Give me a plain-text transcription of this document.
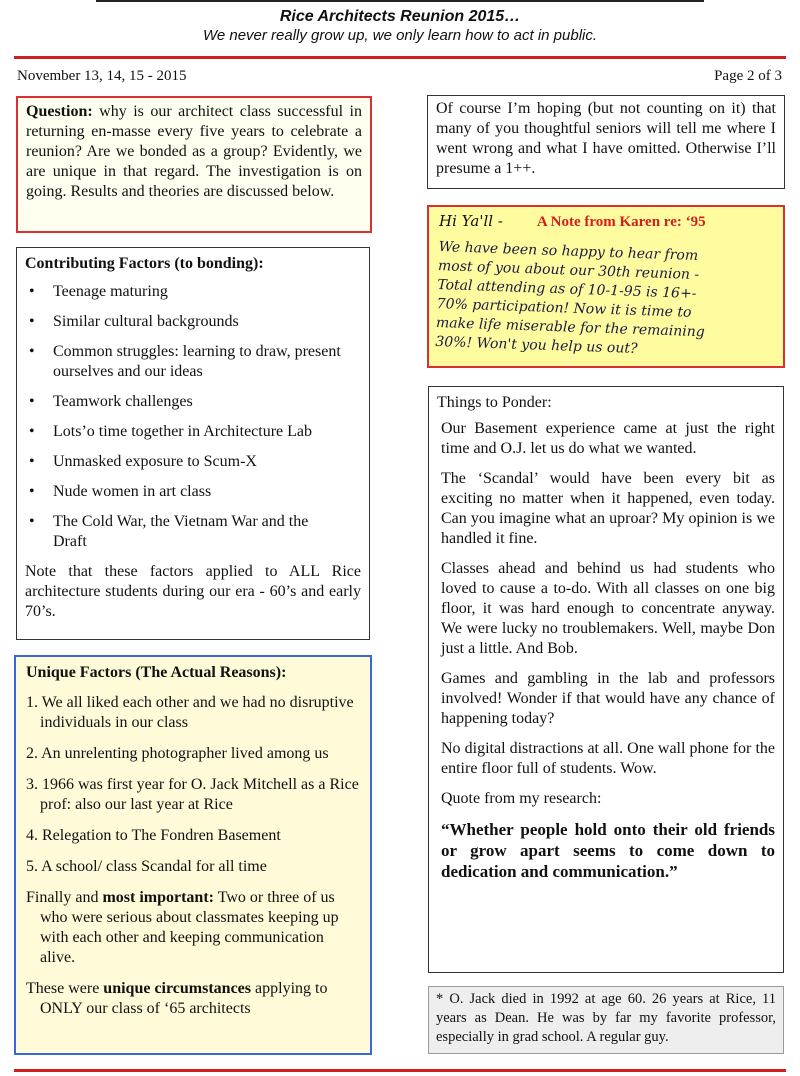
Rice Architects Reunion 2015…
We never really grow up, we only learn how to act in public.
November 13, 14, 15 - 2015	Page 2 of 3
Question: why is our architect class successful in returning en-masse every five years to celebrate a reunion? Are we bonded as a group? Evidently, we are unique in that regard. The investigation is on going. Results and theories are discussed below.
Contributing Factors (to bonding):
• Teenage maturing
• Similar cultural backgrounds
• Common struggles: learning to draw, present ourselves and our ideas
• Teamwork challenges
• Lots’o time together in Architecture Lab
• Unmasked exposure to Scum-X
• Nude women in art class
• The Cold War, the Vietnam War and the Draft
Note that these factors applied to ALL Rice architecture students during our era - 60’s and early 70’s.
Unique Factors (The Actual Reasons):

1. We all liked each other and we had no disruptive individuals in our class

2. An unrelenting photographer lived among us

3. 1966 was first year for O. Jack Mitchell as a Rice prof: also our last year at Rice

4. Relegation to The Fondren Basement

5. A school/ class Scandal for all time

Finally and most important: Two or three of us who were serious about classmates keeping up with each other and keeping communication alive.

These were unique circumstances applying to ONLY our class of ‘65 architects

Of course I’m hoping (but not counting on it) that many of you thoughtful seniors will tell me where I went wrong and what I have omitted. Otherwise I’ll presume a 1++.
Hi Ya'll - A Note from Karen re: ‘95
We have been so happy to hear from
most of you about our 30th reunion -
Total attending as of 10-1-95 is 16+-
70% participation! Now it is time to
make life miserable for the remaining
30%! Won't you help us out?
Things to Ponder:

Our Basement experience came at just the right time and O.J. let us do what we wanted.

The ‘Scandal’ would have been every bit as exciting no matter when it happened, even today. Can you imagine what an uproar? My opinion is we handled it fine.

Classes ahead and behind us had students who loved to cause a to-do. With all classes on one big floor, it was hard enough to concentrate anyway. We were lucky no troublemakers. Well, maybe Don just a little. And Bob.

Games and gambling in the lab and professors involved! Wonder if that would have any chance of happening today?

No digital distractions at all. One wall phone for the entire floor full of students. Wow.

Quote from my research:

“Whether people hold onto their old friends or grow apart seems to come down to dedication and communication.”

* O. Jack died in 1992 at age 60. 26 years at Rice, 11 years as Dean. He was by far my favorite professor, especially in grad school. A regular guy.
